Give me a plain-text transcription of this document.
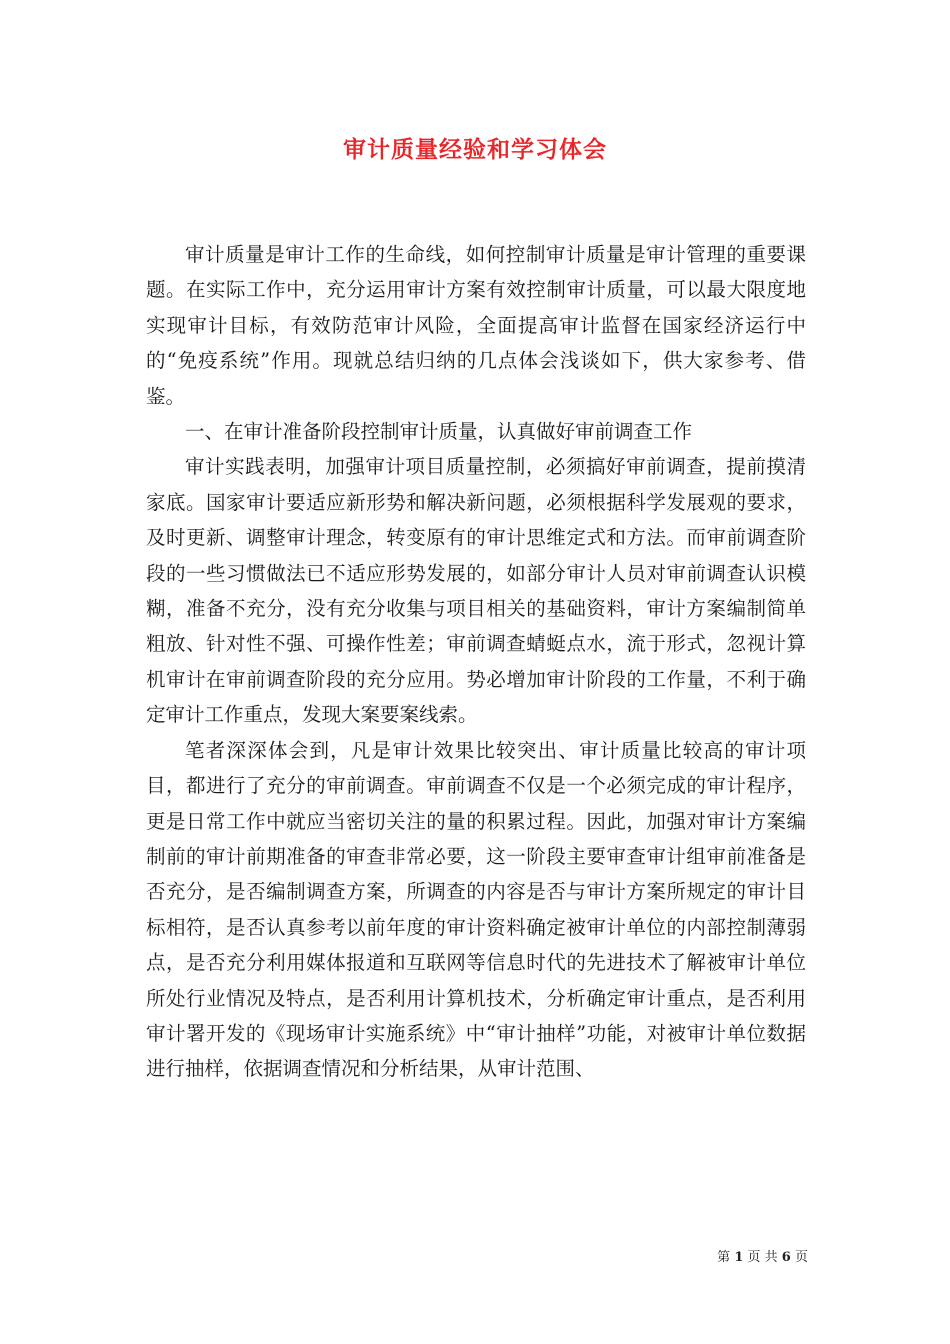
审计质量经验和学习体会

审计质量是审计工作的生命线，如何控制审计质量是审计管理的重要课题。在实际工作中，充分运用审计方案有效控制审计质量，可以最大限度地实现审计目标，有效防范审计风险，全面提高审计监督在国家经济运行中的“免疫系统”作用。现就总结归纳的几点体会浅谈如下，供大家参考、借鉴。

一、在审计准备阶段控制审计质量，认真做好审前调查工作

审计实践表明，加强审计项目质量控制，必须搞好审前调查，提前摸清家底。国家审计要适应新形势和解决新问题，必须根据科学发展观的要求，及时更新、调整审计理念，转变原有的审计思维定式和方法。而审前调查阶段的一些习惯做法已不适应形势发展的，如部分审计人员对审前调查认识模糊，准备不充分，没有充分收集与项目相关的基础资料，审计方案编制简单粗放、针对性不强、可操作性差；审前调查蜻蜓点水，流于形式，忽视计算机审计在审前调查阶段的充分应用。势必增加审计阶段的工作量，不利于确定审计工作重点，发现大案要案线索。

笔者深深体会到，凡是审计效果比较突出、审计质量比较高的审计项目，都进行了充分的审前调查。审前调查不仅是一个必须完成的审计程序，更是日常工作中就应当密切关注的量的积累过程。因此，加强对审计方案编制前的审计前期准备的审查非常必要，这一阶段主要审查审计组审前准备是否充分，是否编制调查方案，所调查的内容是否与审计方案所规定的审计目标相符，是否认真参考以前年度的审计资料确定被审计单位的内部控制薄弱点，是否充分利用媒体报道和互联网等信息时代的先进技术了解被审计单位所处行业情况及特点，是否利用计算机技术，分析确定审计重点，是否利用审计署开发的《现场审计实施系统》中“审计抽样”功能，对被审计单位数据进行抽样，依据调查情况和分析结果，从审计范围、

第 1 页 共 6 页
